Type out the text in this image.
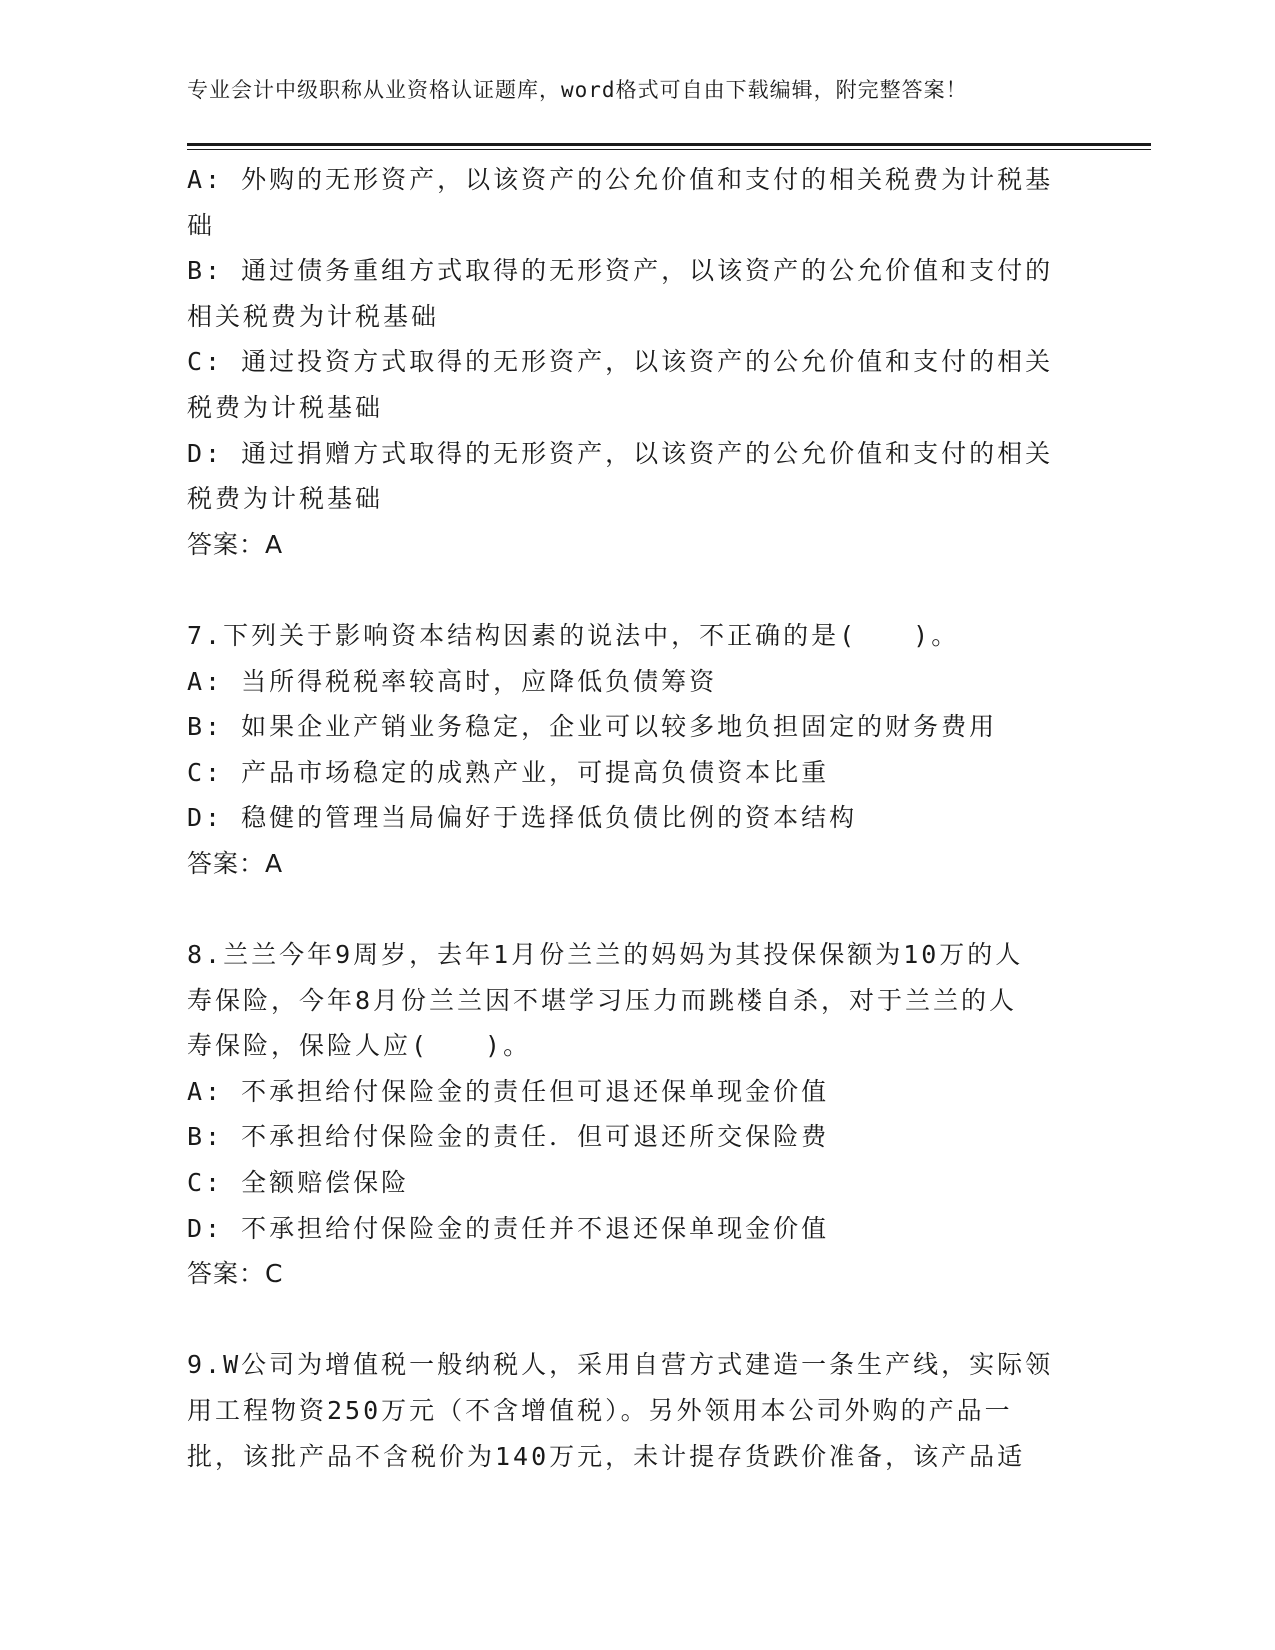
专业会计中级职称从业资格认证题库，word格式可自由下载编辑，附完整答案！
A: 外购的无形资产，以该资产的公允价值和支付的相关税费为计税基
础
B: 通过债务重组方式取得的无形资产，以该资产的公允价值和支付的
相关税费为计税基础
C: 通过投资方式取得的无形资产，以该资产的公允价值和支付的相关
税费为计税基础
D: 通过捐赠方式取得的无形资产，以该资产的公允价值和支付的相关
税费为计税基础
答案：A
7.下列关于影响资本结构因素的说法中，不正确的是(　　)。
A: 当所得税税率较高时，应降低负债筹资
B: 如果企业产销业务稳定，企业可以较多地负担固定的财务费用
C: 产品市场稳定的成熟产业，可提高负债资本比重
D: 稳健的管理当局偏好于选择低负债比例的资本结构
答案：A
8.兰兰今年9周岁，去年1月份兰兰的妈妈为其投保保额为10万的人
寿保险，今年8月份兰兰因不堪学习压力而跳楼自杀，对于兰兰的人
寿保险，保险人应(　　)。
A: 不承担给付保险金的责任但可退还保单现金价值
B: 不承担给付保险金的责任．但可退还所交保险费
C: 全额赔偿保险
D: 不承担给付保险金的责任并不退还保单现金价值
答案：C
9.W公司为增值税一般纳税人，采用自营方式建造一条生产线，实际领
用工程物资250万元（不含增值税）。另外领用本公司外购的产品一
批，该批产品不含税价为140万元，未计提存货跌价准备，该产品适
